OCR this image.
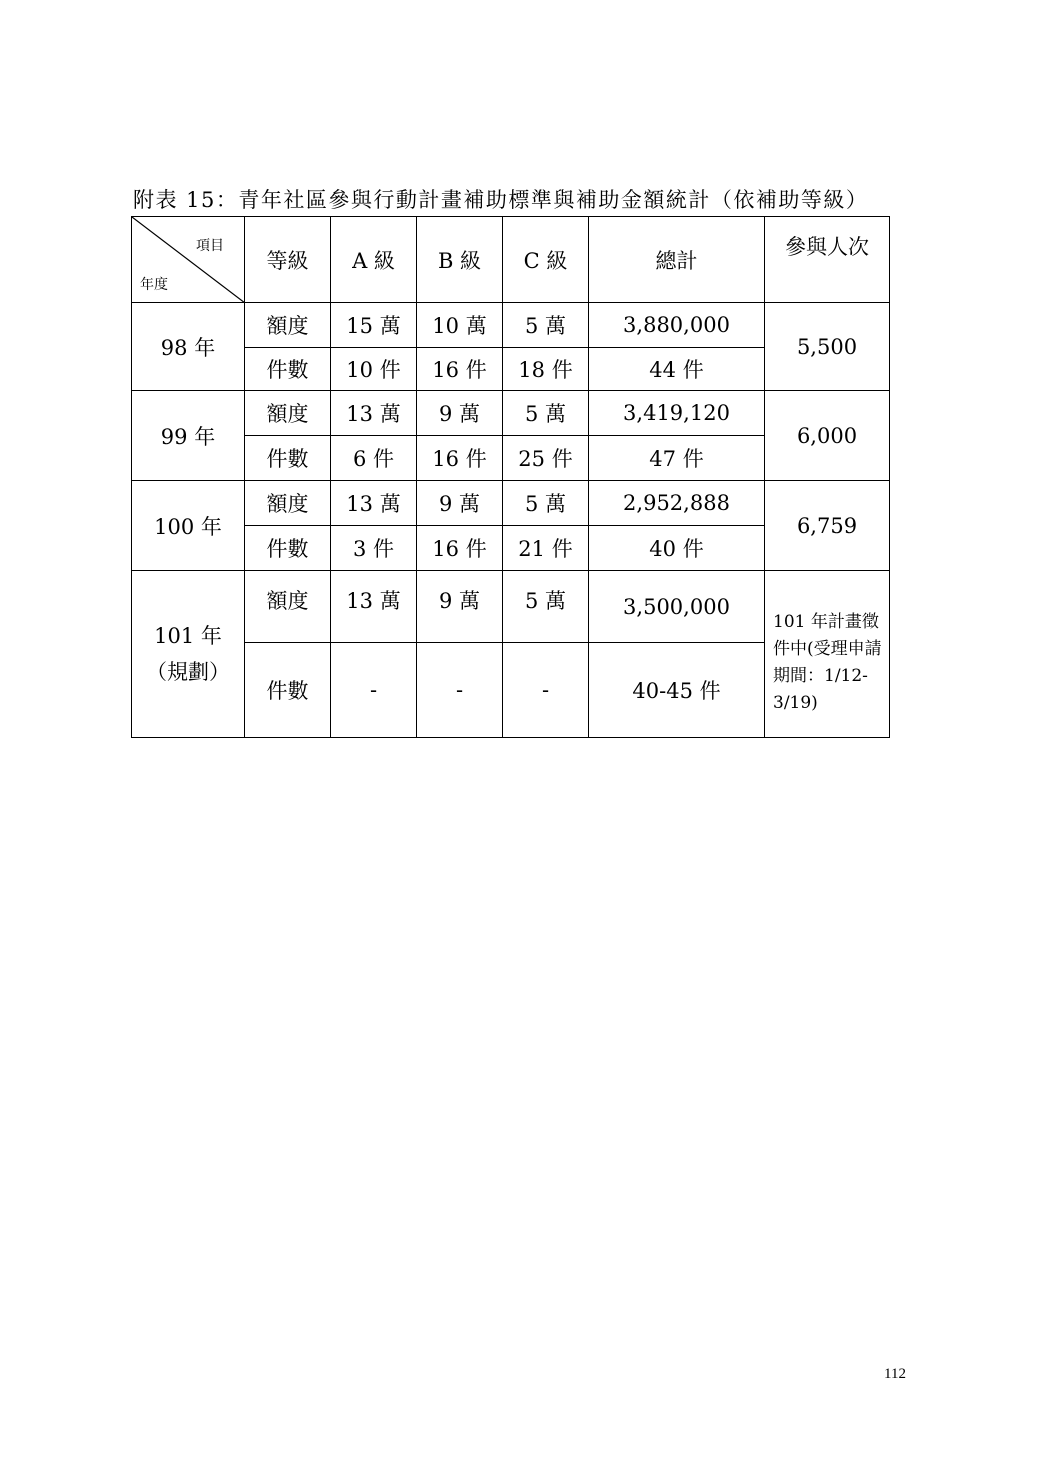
附表 15：青年社區參與行動計畫補助標準與補助金額統計（依補助等級）
項目
年度	等級	A 級	B 級	C 級	總計	參與人次
98 年	額度	15 萬	10 萬	5 萬	3,880,000	5,500
	件數	10 件	16 件	18 件	44 件	
99 年	額度	13 萬	9 萬	5 萬	3,419,120	6,000
	件數	6 件	16 件	25 件	47 件	
100 年	額度	13 萬	9 萬	5 萬	2,952,888	6,759
	件數	3 件	16 件	21 件	40 件	

101 年
（規劃）	額度	13 萬	9 萬	5 萬	3,500,000	101 年計畫徵件中(受理申請期間：1/12-3/19)
	件數	-	-	-	40-45 件	
112
